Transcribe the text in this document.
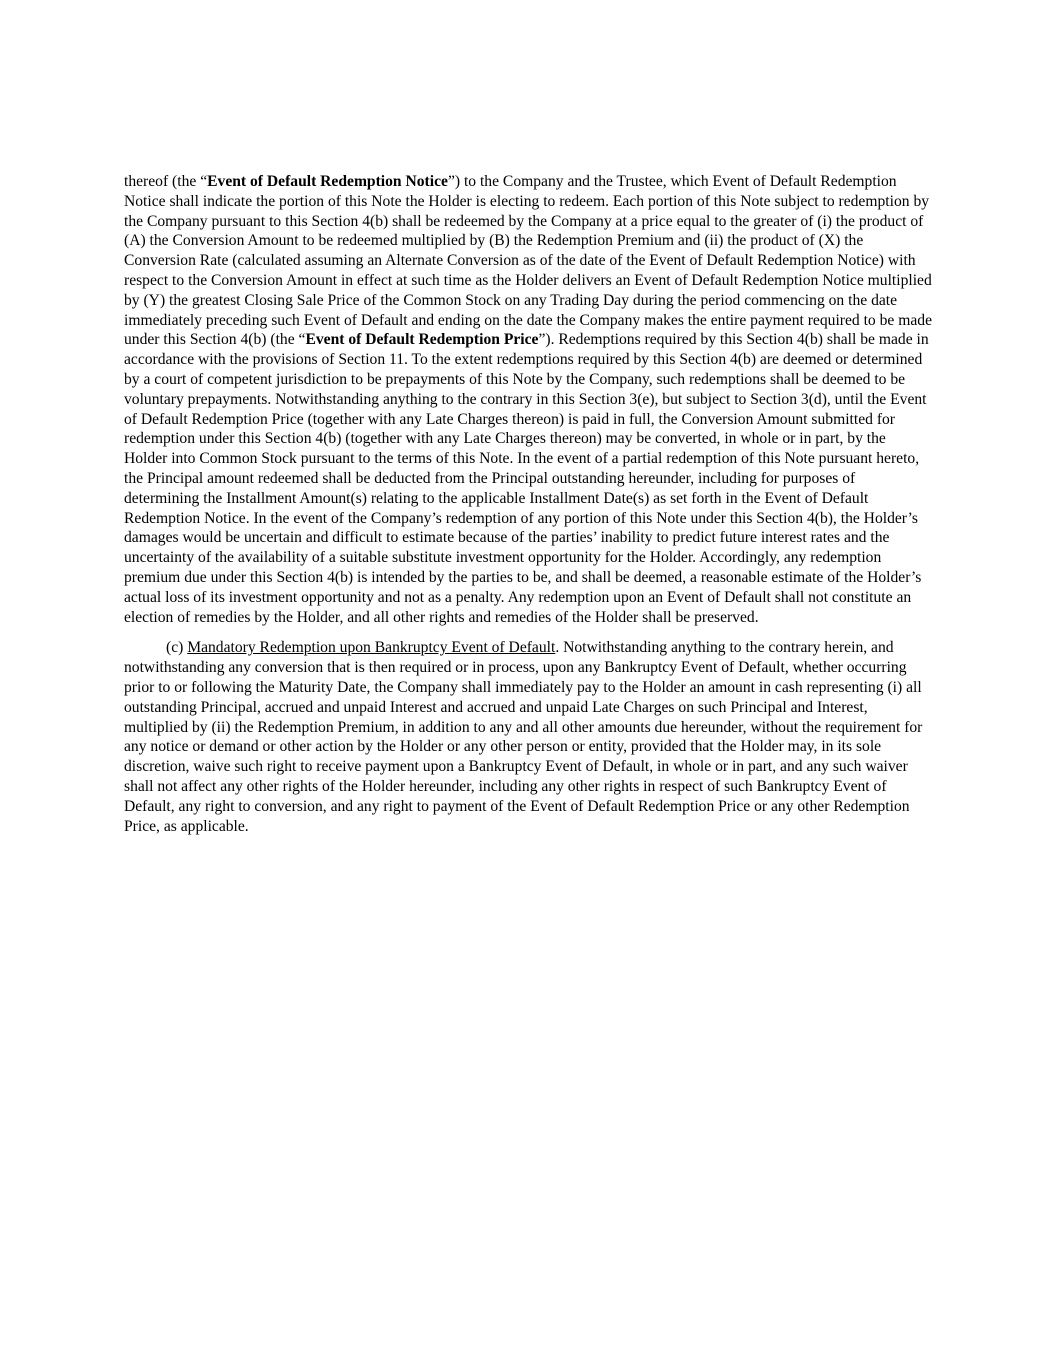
thereof (the “Event of Default Redemption Notice”) to the Company and the Trustee, which Event of Default Redemption Notice shall indicate the portion of this Note the Holder is electing to redeem. Each portion of this Note subject to redemption by the Company pursuant to this Section 4(b) shall be redeemed by the Company at a price equal to the greater of (i) the product of (A) the Conversion Amount to be redeemed multiplied by (B) the Redemption Premium and (ii) the product of (X) the Conversion Rate (calculated assuming an Alternate Conversion as of the date of the Event of Default Redemption Notice) with respect to the Conversion Amount in effect at such time as the Holder delivers an Event of Default Redemption Notice multiplied by (Y) the greatest Closing Sale Price of the Common Stock on any Trading Day during the period commencing on the date immediately preceding such Event of Default and ending on the date the Company makes the entire payment required to be made under this Section 4(b) (the “Event of Default Redemption Price”). Redemptions required by this Section 4(b) shall be made in accordance with the provisions of Section 11. To the extent redemptions required by this Section 4(b) are deemed or determined by a court of competent jurisdiction to be prepayments of this Note by the Company, such redemptions shall be deemed to be voluntary prepayments. Notwithstanding anything to the contrary in this Section 3(e), but subject to Section 3(d), until the Event of Default Redemption Price (together with any Late Charges thereon) is paid in full, the Conversion Amount submitted for redemption under this Section 4(b) (together with any Late Charges thereon) may be converted, in whole or in part, by the Holder into Common Stock pursuant to the terms of this Note. In the event of a partial redemption of this Note pursuant hereto, the Principal amount redeemed shall be deducted from the Principal outstanding hereunder, including for purposes of determining the Installment Amount(s) relating to the applicable Installment Date(s) as set forth in the Event of Default Redemption Notice. In the event of the Company’s redemption of any portion of this Note under this Section 4(b), the Holder’s damages would be uncertain and difficult to estimate because of the parties’ inability to predict future interest rates and the uncertainty of the availability of a suitable substitute investment opportunity for the Holder. Accordingly, any redemption premium due under this Section 4(b) is intended by the parties to be, and shall be deemed, a reasonable estimate of the Holder’s actual loss of its investment opportunity and not as a penalty. Any redemption upon an Event of Default shall not constitute an election of remedies by the Holder, and all other rights and remedies of the Holder shall be preserved.

(c) Mandatory Redemption upon Bankruptcy Event of Default. Notwithstanding anything to the contrary herein, and notwithstanding any conversion that is then required or in process, upon any Bankruptcy Event of Default, whether occurring prior to or following the Maturity Date, the Company shall immediately pay to the Holder an amount in cash representing (i) all outstanding Principal, accrued and unpaid Interest and accrued and unpaid Late Charges on such Principal and Interest, multiplied by (ii) the Redemption Premium, in addition to any and all other amounts due hereunder, without the requirement for any notice or demand or other action by the Holder or any other person or entity, provided that the Holder may, in its sole discretion, waive such right to receive payment upon a Bankruptcy Event of Default, in whole or in part, and any such waiver shall not affect any other rights of the Holder hereunder, including any other rights in respect of such Bankruptcy Event of Default, any right to conversion, and any right to payment of the Event of Default Redemption Price or any other Redemption Price, as applicable.
